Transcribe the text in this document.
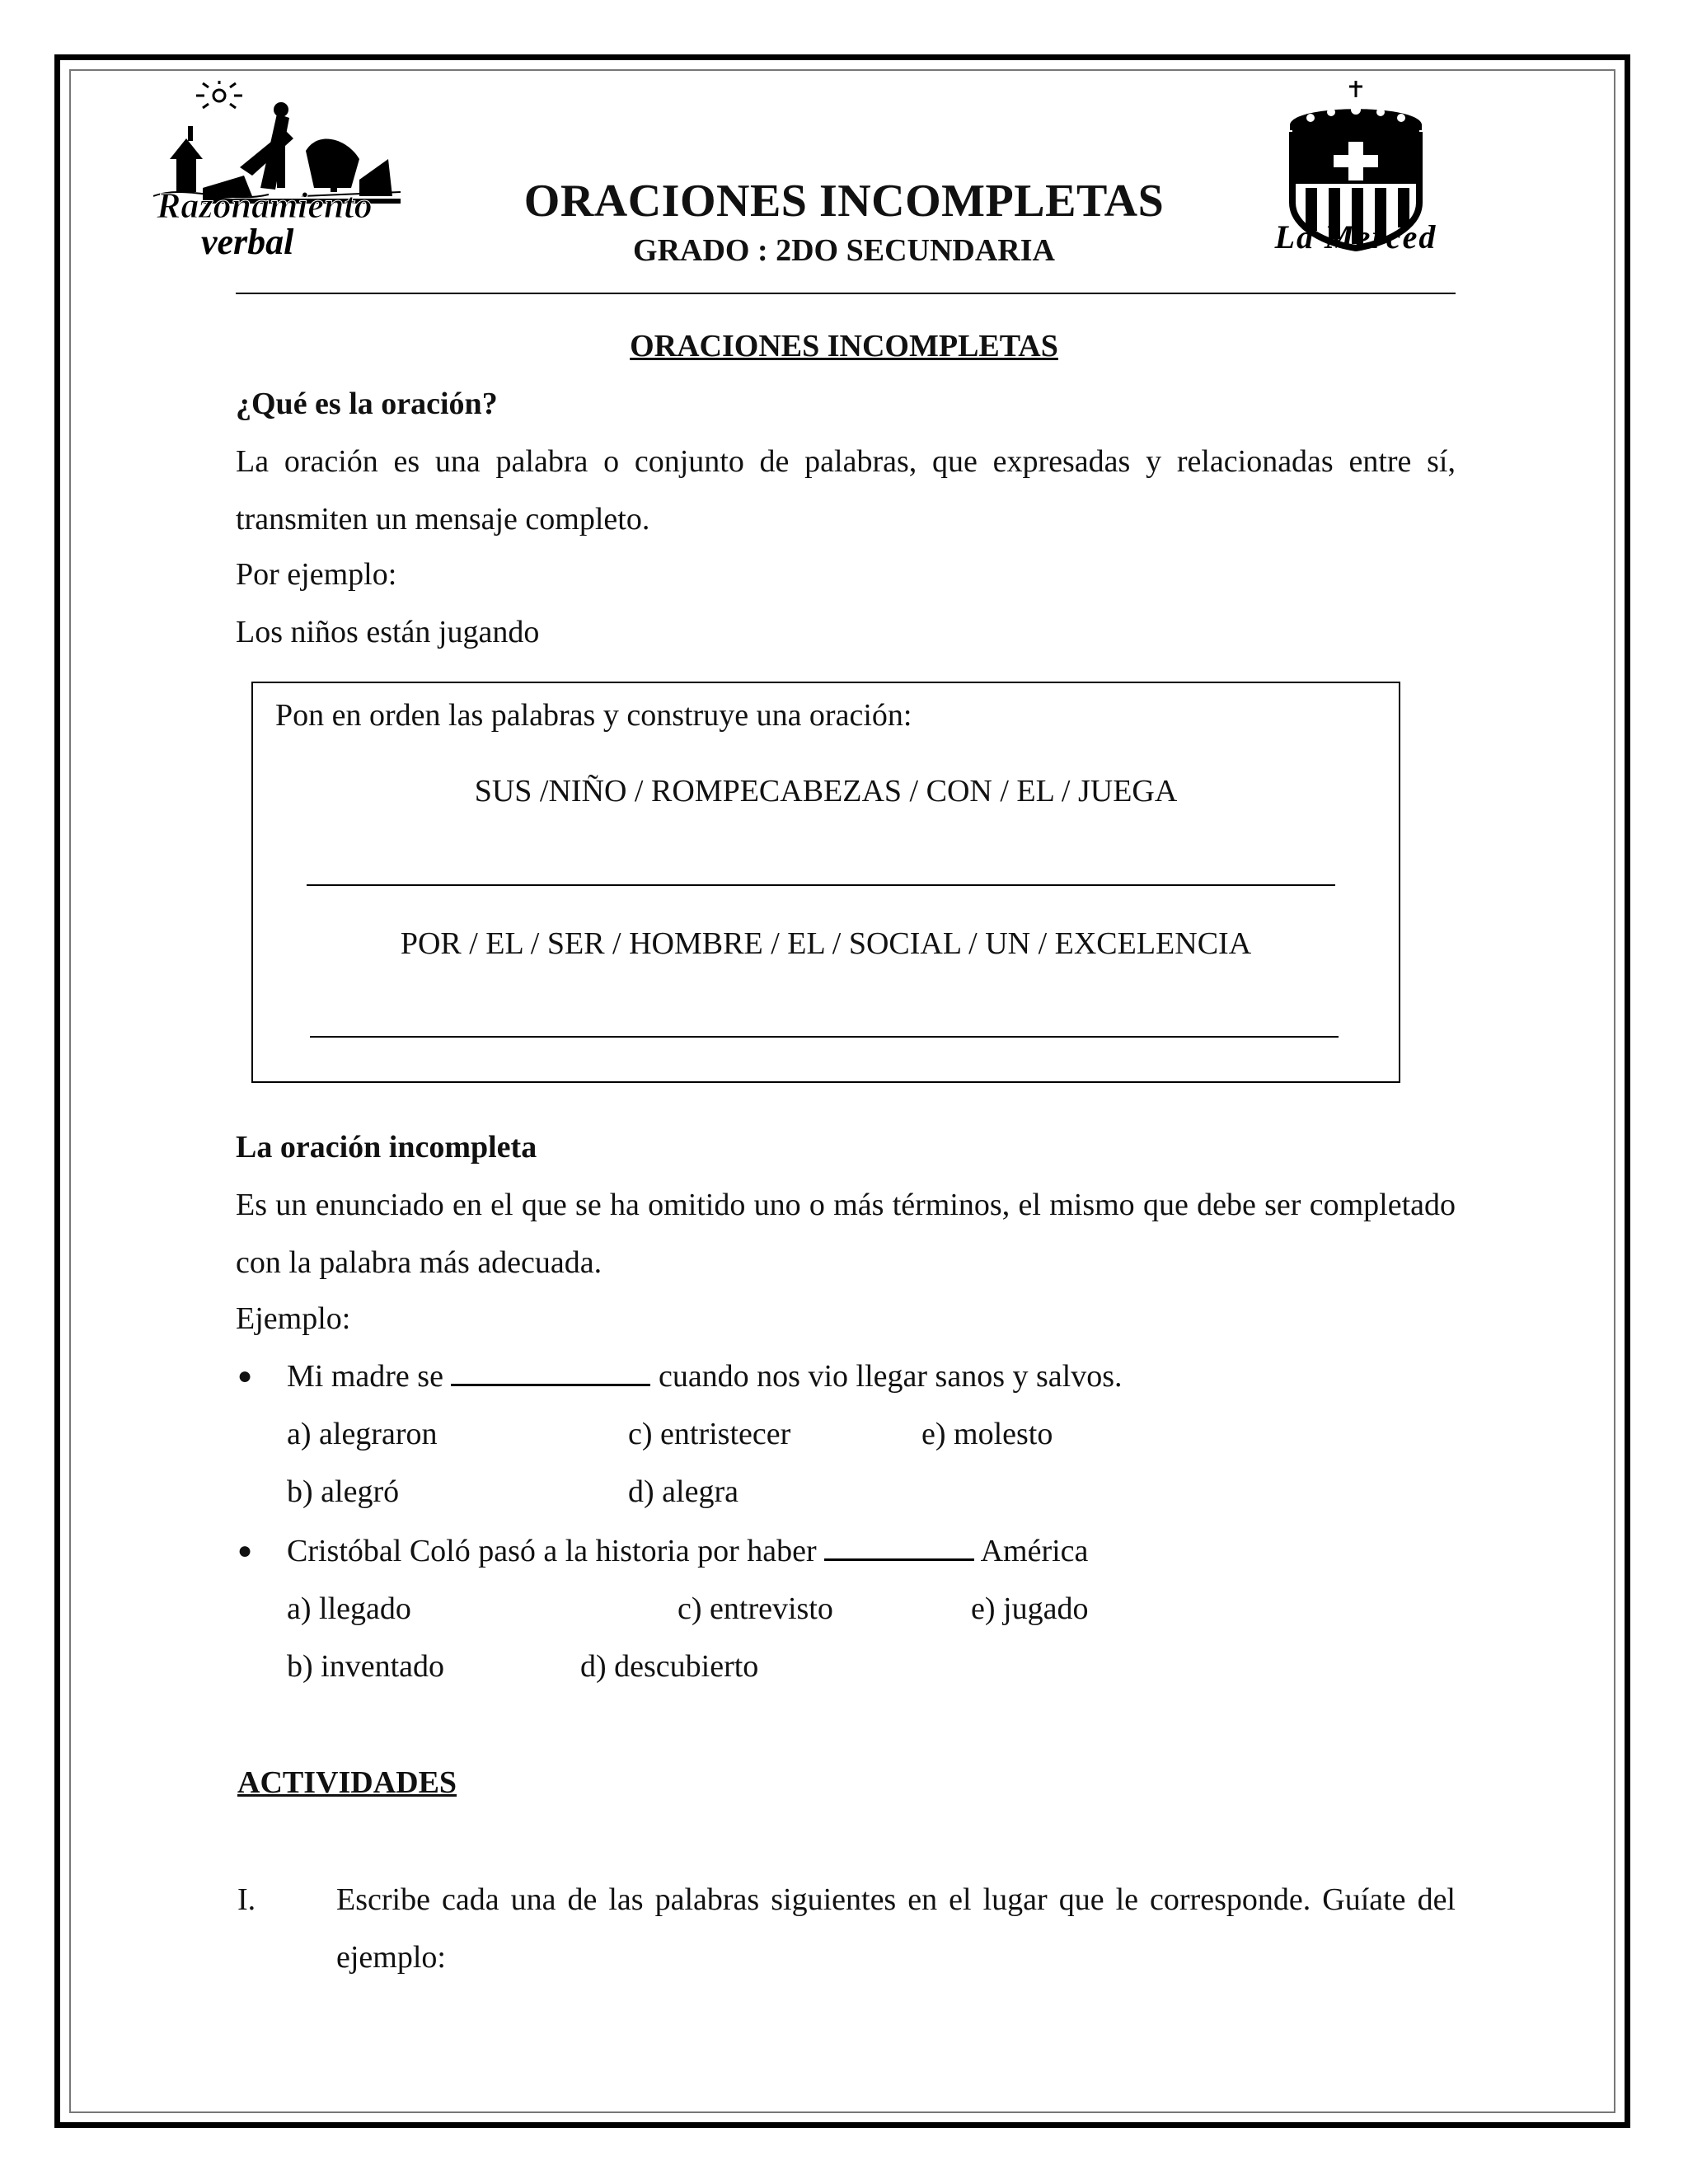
Razonamiento
verbal	La Merced
ORACIONES INCOMPLETAS
GRADO : 2DO SECUNDARIA
ORACIONES INCOMPLETAS
¿Qué es la oración?
La oración es una palabra o conjunto de palabras, que expresadas y relacionadas entre sí, transmiten un mensaje completo.
Por ejemplo:
Los niños están jugando
Pon en orden las palabras y construye una oración:
SUS /NIÑO / ROMPECABEZAS / CON / EL / JUEGA
POR / EL / SER / HOMBRE / EL / SOCIAL / UN / EXCELENCIA
La oración incompleta
Es un enunciado en el que se ha omitido uno o más términos, el mismo que debe ser completado con la palabra más adecuada.
Ejemplo:
● Mi madre se	cuando nos vio llegar sanos y salvos.
a) alegraron	c) entristecer	e) molesto
b) alegró	d) alegra
● Cristóbal Coló pasó a la historia por haber	América
a) llegado	c) entrevisto	e) jugado
b) inventado	d) descubierto
ACTIVIDADES
I.	Escribe cada una de las palabras siguientes en el lugar que le corresponde. Guíate del ejemplo:
